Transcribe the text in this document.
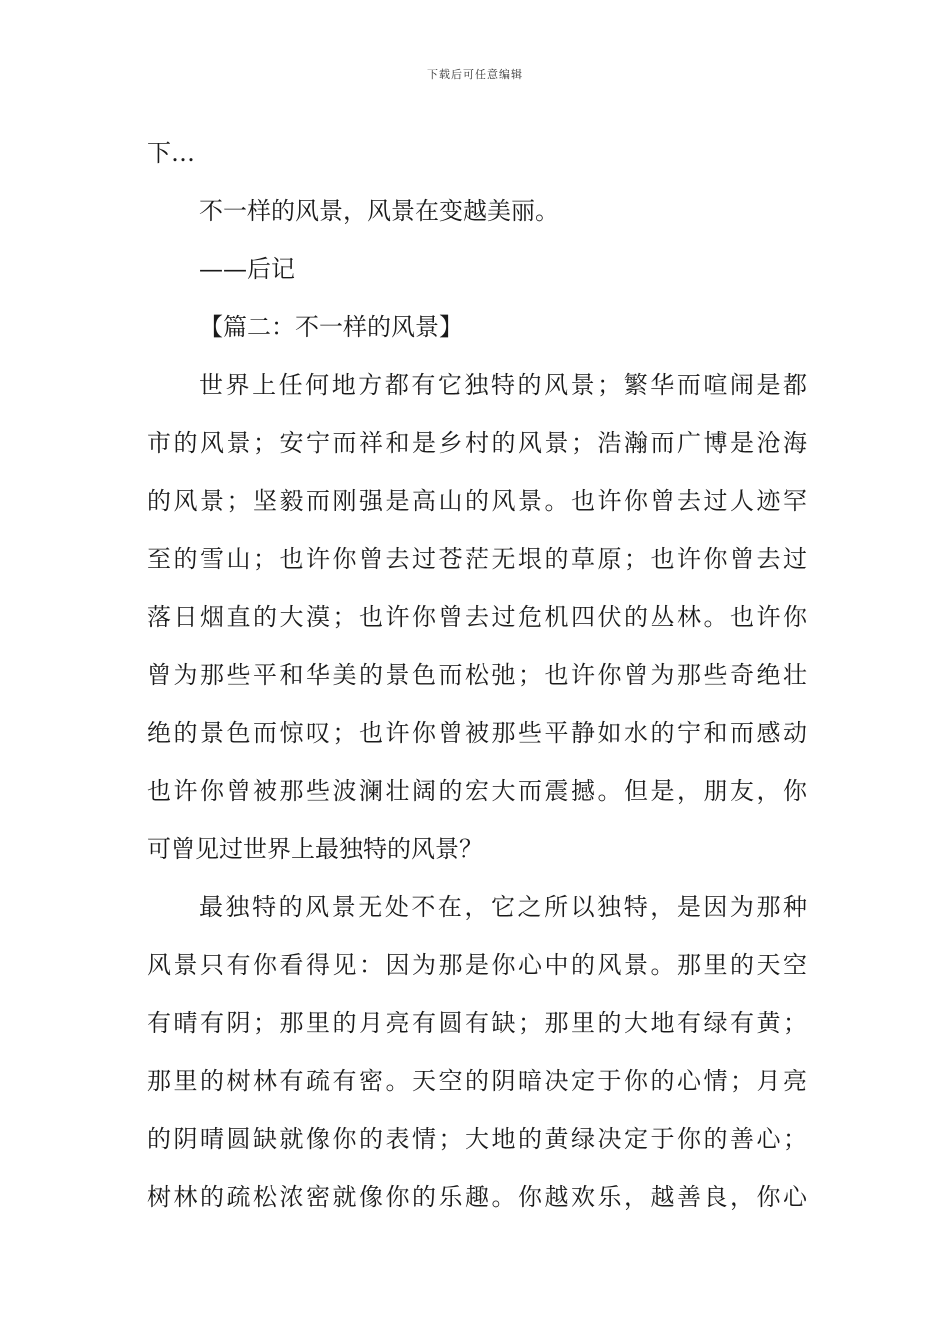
下载后可任意编辑
下…
不一样的风景，风景在变越美丽。
——后记
【篇二：不一样的风景】
世界上任何地方都有它独特的风景；繁华而喧闹是都
市的风景；安宁而祥和是乡村的风景；浩瀚而广博是沧海
的风景；坚毅而刚强是高山的风景。也许你曾去过人迹罕
至的雪山；也许你曾去过苍茫无垠的草原；也许你曾去过
落日烟直的大漠；也许你曾去过危机四伏的丛林。也许你
曾为那些平和华美的景色而松弛；也许你曾为那些奇绝壮
绝的景色而惊叹；也许你曾被那些平静如水的宁和而感动
也许你曾被那些波澜壮阔的宏大而震撼。但是，朋友，你
可曾见过世界上最独特的风景？
最独特的风景无处不在，它之所以独特，是因为那种
风景只有你看得见：因为那是你心中的风景。那里的天空
有晴有阴；那里的月亮有圆有缺；那里的大地有绿有黄；
那里的树林有疏有密。天空的阴暗决定于你的心情；月亮
的阴晴圆缺就像你的表情；大地的黄绿决定于你的善心；
树林的疏松浓密就像你的乐趣。你越欢乐，越善良，你心
